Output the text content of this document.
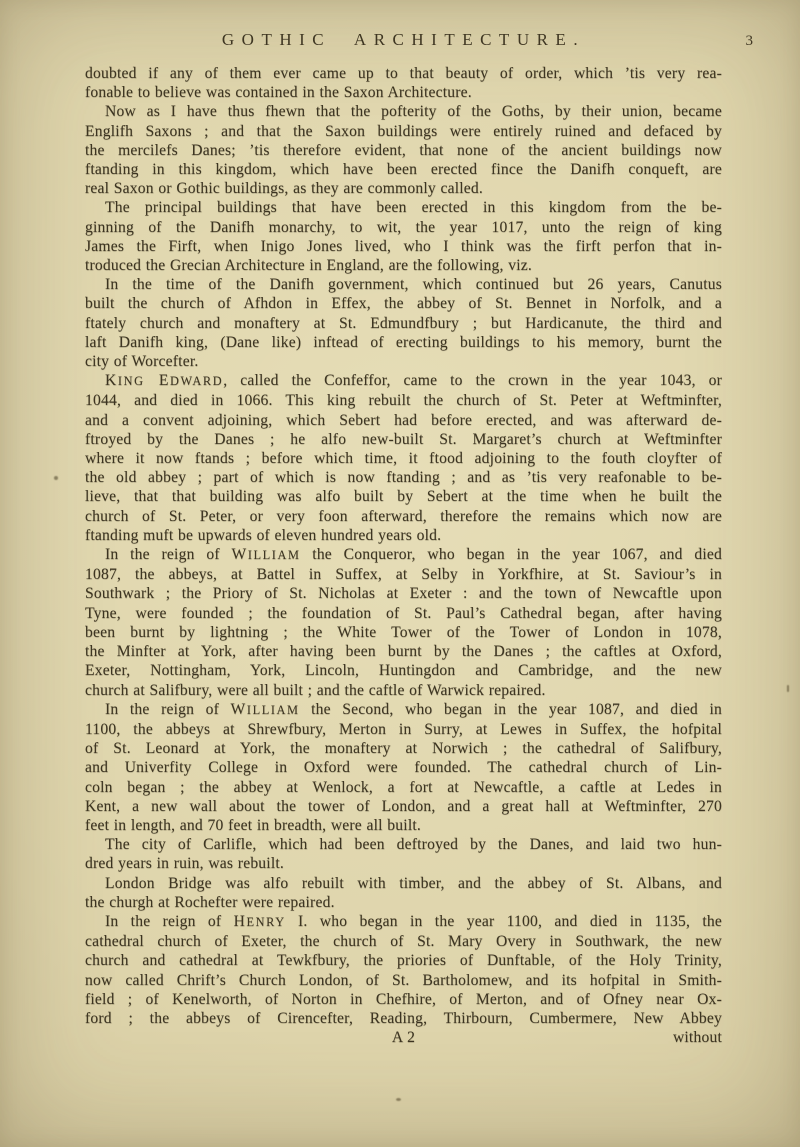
GOTHIC ARCHITECTURE.	3
doubted if any of them ever came up to that beauty of order, which ’tis very rea-
fonable to believe was contained in the Saxon Architecture.
Now as I have thus fhewn that the pofterity of the Goths, by their union, became
Englifh Saxons ; and that the Saxon buildings were entirely ruined and defaced by
the mercilefs Danes; ’tis therefore evident, that none of the ancient buildings now
ftanding in this kingdom, which have been erected fince the Danifh conqueft, are
real Saxon or Gothic buildings, as they are commonly called.
The principal buildings that have been erected in this kingdom from the be-
ginning of the Danifh monarchy, to wit, the year 1017, unto the reign of king
James the Firft, when Inigo Jones lived, who I think was the firft perfon that in-
troduced the Grecian Architecture in England, are the following, viz.
In the time of the Danifh government, which continued but 26 years, Canutus
built the church of Afhdon in Effex, the abbey of St. Bennet in Norfolk, and a
ftately church and monaftery at St. Edmundfbury ; but Hardicanute, the third and
laft Danifh king, (Dane like) inftead of erecting buildings to his memory, burnt the
city of Worcefter.
KING EDWARD, called the Confeffor, came to the crown in the year 1043, or
1044, and died in 1066. This king rebuilt the church of St. Peter at Weftminfter,
and a convent adjoining, which Sebert had before erected, and was afterward de-
ftroyed by the Danes ; he alfo new-built St. Margaret’s church at Weftminfter
where it now ftands ; before which time, it ftood adjoining to the fouth cloyfter of
the old abbey ; part of which is now ftanding ; and as ’tis very reafonable to be-
lieve, that that building was alfo built by Sebert at the time when he built the
church of St. Peter, or very foon afterward, therefore the remains which now are
ftanding muft be upwards of eleven hundred years old.
In the reign of WILLIAM the Conqueror, who began in the year 1067, and died
1087, the abbeys, at Battel in Suffex, at Selby in Yorkfhire, at St. Saviour’s in
Southwark ; the Priory of St. Nicholas at Exeter : and the town of Newcaftle upon
Tyne, were founded ; the foundation of St. Paul’s Cathedral began, after having
been burnt by lightning ; the White Tower of the Tower of London in 1078,
the Minfter at York, after having been burnt by the Danes ; the caftles at Oxford,
Exeter, Nottingham, York, Lincoln, Huntingdon and Cambridge, and the new
church at Salifbury, were all built ; and the caftle of Warwick repaired.
In the reign of WILLIAM the Second, who began in the year 1087, and died in
1100, the abbeys at Shrewfbury, Merton in Surry, at Lewes in Suffex, the hofpital
of St. Leonard at York, the monaftery at Norwich ; the cathedral of Salifbury,
and Univerfity College in Oxford were founded. The cathedral church of Lin-
coln began ; the abbey at Wenlock, a fort at Newcaftle, a caftle at Ledes in
Kent, a new wall about the tower of London, and a great hall at Weftminfter, 270
feet in length, and 70 feet in breadth, were all built.
The city of Carlifle, which had been deftroyed by the Danes, and laid two hun-
dred years in ruin, was rebuilt.
London Bridge was alfo rebuilt with timber, and the abbey of St. Albans, and
the churgh at Rochefter were repaired.
In the reign of HENRY I. who began in the year 1100, and died in 1135, the
cathedral church of Exeter, the church of St. Mary Overy in Southwark, the new
church and cathedral at Tewkfbury, the priories of Dunftable, of the Holy Trinity,
now called Chrift’s Church London, of St. Bartholomew, and its hofpital in Smith-
field ; of Kenelworth, of Norton in Chefhire, of Merton, and of Ofney near Ox-
ford ; the abbeys of Cirencefter, Reading, Thirbourn, Cumbermere, New Abbey
A 2	without
